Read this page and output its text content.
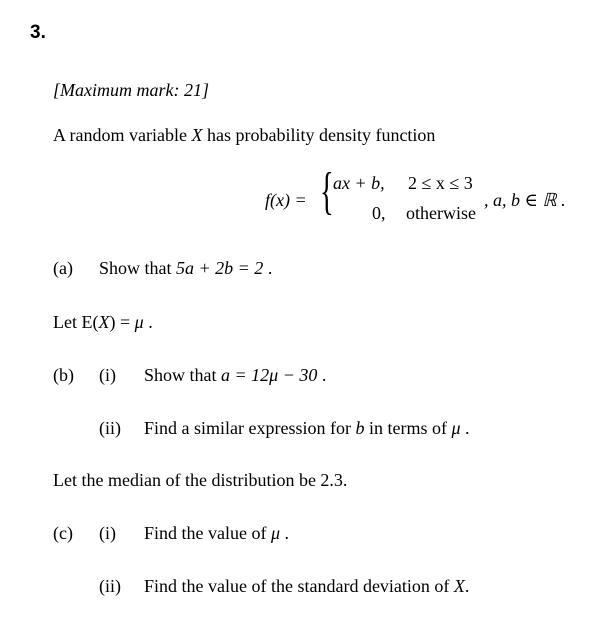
3.
[Maximum mark: 21]
A random variable X has probability density function
f(x) = { ax + b, 2 ≤ x ≤ 3
0, otherwise
, a, b ∈ ℝ .
(a) Show that 5a + 2b = 2 .
Let E(X) = μ .
(b) (i) Show that a = 12μ − 30 .
(ii) Find a similar expression for b in terms of μ .
Let the median of the distribution be 2.3.
(c) (i) Find the value of μ .
(ii) Find the value of the standard deviation of X.
